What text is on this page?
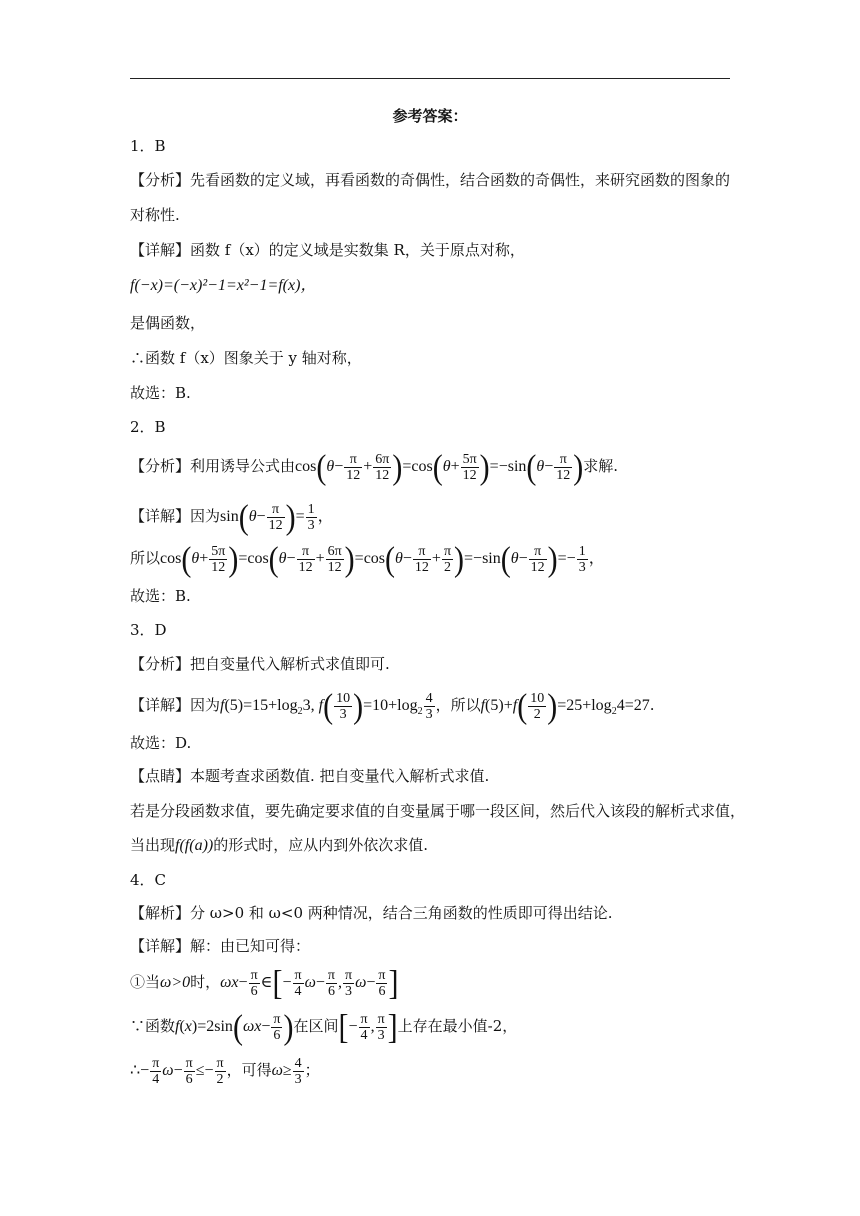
参考答案：
1．B
【分析】先看函数的定义域，再看函数的奇偶性，结合函数的奇偶性，来研究函数的图象的
对称性.
【详解】函数 f（x）的定义域是实数集 R，关于原点对称，
f(−x)=(−x)²−1=x²−1=f(x)，
是偶函数，
∴函数 f（x）图象关于 y 轴对称，
故选：B.
2．B
【分析】利用诱导公式由$\cos(\theta- \frac{\pi}{12} + \frac{6\pi}{12} )=\cos(\theta+ \frac{5\pi}{12} )=-\sin(\theta- \frac{\pi}{12}$ )求解.
【详解】因为$\sin(\theta- \frac{\pi}{12}$ )= $\frac{1}{3}$ ，
所以$\cos(\theta+ \frac{5\pi}{12} )=\cos(\theta- \frac{\pi}{12} + \frac{6\pi}{12} )=\cos(\theta- \frac{\pi}{12} + \frac{\pi}{2} )=-\sin(\theta- \frac{\pi}{12}$ )=− $\frac{1}{3}$ ，
故选：B.
3．D
【分析】把自变量代入解析式求值即可.
【详解】因为$f(5)=15+\log_23$, $f( \frac{10}{3} )=10+\log_2 \frac{4}{3}$ ，所以$f(5)+f( \frac{10}{2} )=25+\log_24=27$.
故选：D.
【点睛】本题考查求函数值. 把自变量代入解析式求值.
若是分段函数求值，要先确定要求值的自变量属于哪一段区间，然后代入该段的解析式求值，
当出现f(f(a))的形式时，应从内到外依次求值.
4．C
【解析】分 ω>0 和 ω<0 两种情况，结合三角函数的性质即可得出结论.
【详解】解：由已知可得：
①当ω>0时，$\omega x- \frac{\pi}{6}$ ∈[− $\frac{\pi}{4} \omega- \frac{\pi}{6}$ , $\frac{\pi}{3} \omega- \frac{\pi}{6}$ ]
∵函数$f(x)=2\sin(\omega x- \frac{\pi}{6}$ )在区间[− $\frac{\pi}{4}$ , $\frac{\pi}{3}$ ]上存在最小值-2，
∴− $\frac{\pi}{4} \omega- \frac{\pi}{6} \le- \frac{\pi}{2}$ ，可得$\omega\ge \frac{4}{3}$ ；
